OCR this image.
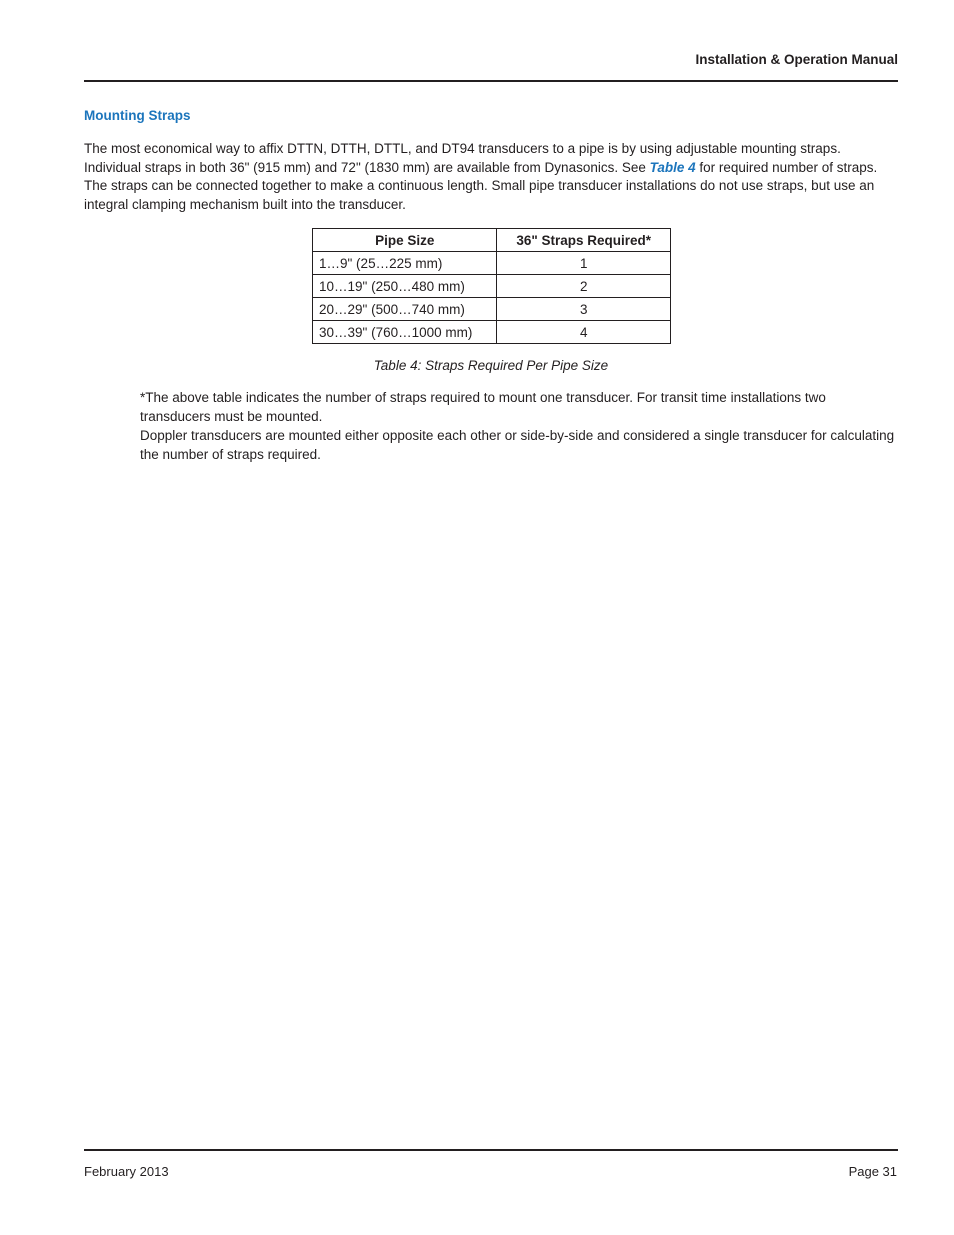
Installation & Operation Manual
Mounting Straps

The most economical way to affix DTTN, DTTH, DTTL, and DT94 transducers to a pipe is by using adjustable mounting straps. Individual straps in both 36" (915 mm) and 72" (1830 mm) are available from Dynasonics. See Table 4 for required number of straps. The straps can be connected together to make a continuous length. Small pipe transducer installations do not use straps, but use an integral clamping mechanism built into the transducer.

Pipe Size	36" Straps Required*
1…9" (25…225 mm)	1
10…19" (250…480 mm)	2
20…29" (500…740 mm)	3
30…39" (760…1000 mm)	4
Table 4: Straps Required Per Pipe Size

*The above table indicates the number of straps required to mount one transducer. For transit time installations two transducers must be mounted.

Doppler transducers are mounted either opposite each other or side-by-side and considered a single transducer for calculating the number of straps required.

February 2013	Page 31
